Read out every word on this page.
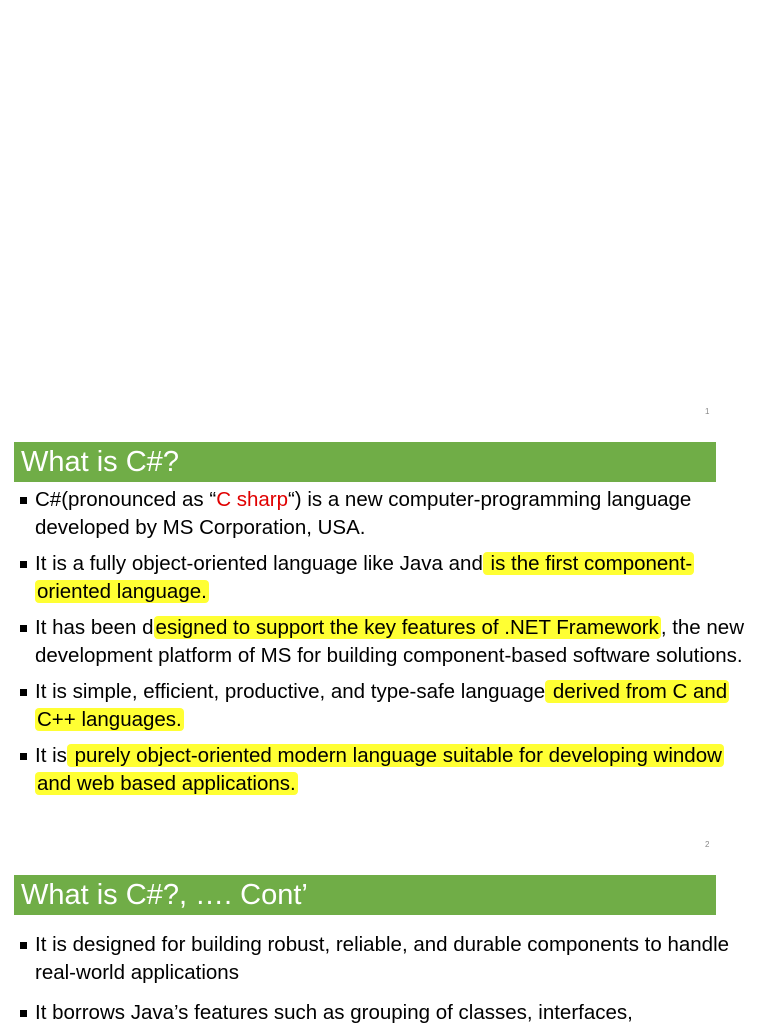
1
What is C#?
C#(pronounced as “C sharp“) is a new computer-programming language developed by MS Corporation, USA.
It is a fully object-oriented language like Java and is the first component-oriented language.
It has been designed to support the key features of .NET Framework, the new development platform of MS for building component-based software solutions.
It is simple, efficient, productive, and type-safe language derived from C and C++ languages.
It is purely object-oriented modern language suitable for developing window and web based applications.
2
What is C#?, …. Cont’
It is designed for building robust, reliable, and durable components to handle real-world applications
It borrows Java’s features such as grouping of classes, interfaces,
